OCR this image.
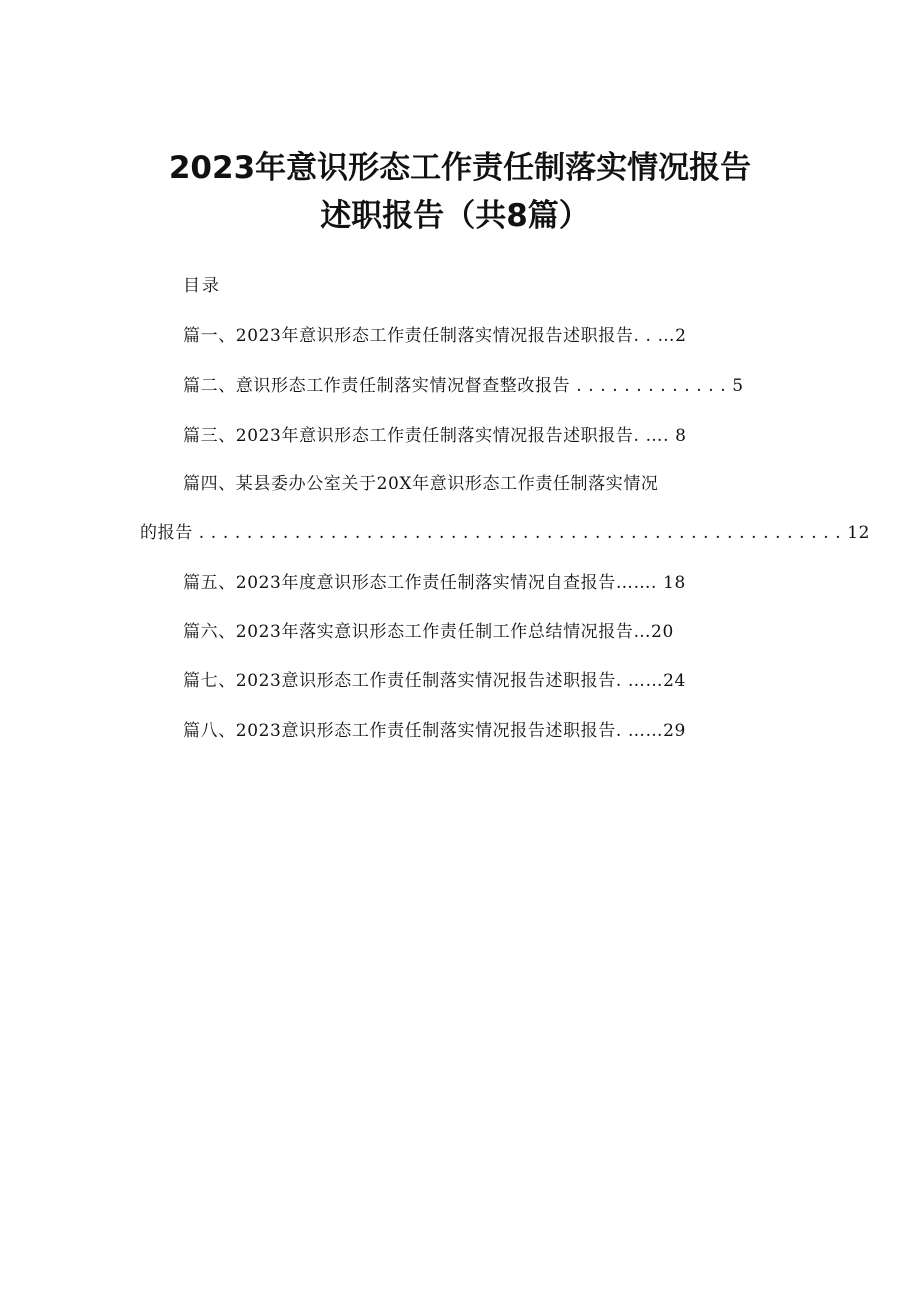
2023年意识形态工作责任制落实情况报告
述职报告（共8篇）
目录
篇一、2023年意识形态工作责任制落实情况报告述职报告. . …2
篇二、意识形态工作责任制落实情况督查整改报告 . . . . . . . . . . . . . 5
篇三、2023年意识形态工作责任制落实情况报告述职报告. …. 8
篇四、某县委办公室关于20X年意识形态工作责任制落实情况
的报告 . . . . . . . . . . . . . . . . . . . . . . . . . . . . . . . . . . . . . . . . . . . . . . . . . . . . . . 12
篇五、2023年度意识形态工作责任制落实情况自查报告……. 18
篇六、2023年落实意识形态工作责任制工作总结情况报告…20
篇七、2023意识形态工作责任制落实情况报告述职报告. ……24
篇八、2023意识形态工作责任制落实情况报告述职报告. ……29
